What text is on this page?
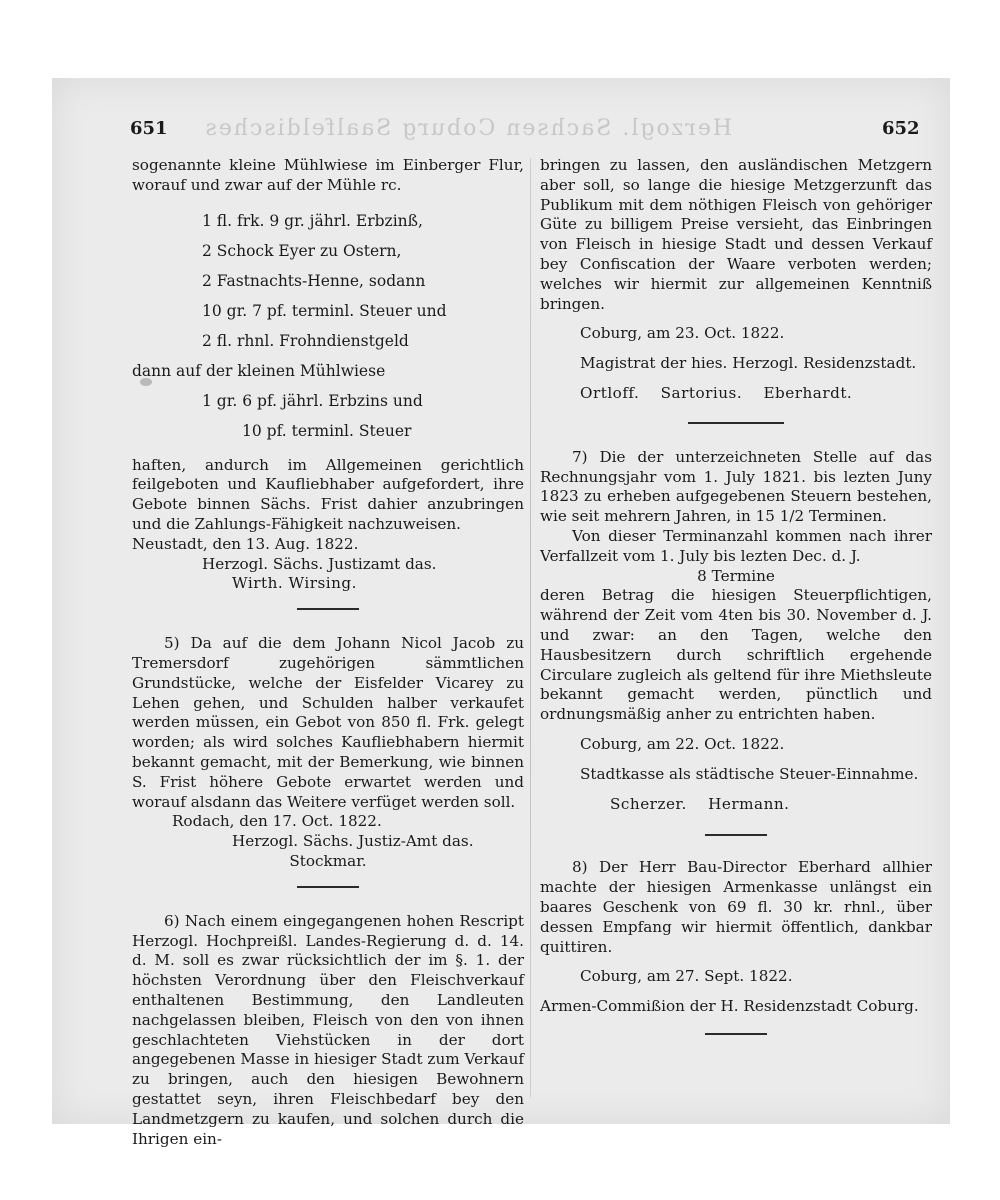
651 Herzogl. Sachsen Coburg Saalfeldisches	652

sogenannte kleine Mühlwiese im Einberger Flur, worauf und zwar auf der Mühle rc.

1 fl. frk. 9 gr. jährl. Erbzinß,
2 Schock Eyer zu Ostern,
2 Fastnachts-Henne, sodann
10 gr. 7 pf. terminl. Steuer und
2 fl. rhnl. Frohndienstgeld
dann auf der kleinen Mühlwiese
1 gr. 6 pf. jährl. Erbzins und
10 pf. terminl. Steuer

haften, andurch im Allgemeinen gerichtlich feilgeboten und Kaufliebhaber aufgefordert, ihre Gebote binnen Sächs. Frist dahier anzubringen und die Zahlungs-Fähigkeit nachzuweisen.

Neustadt, den 13. Aug. 1822.

Herzogl. Sächs. Justizamt das.

Wirth. Wirsing.

5) Da auf die dem Johann Nicol Jacob zu Tremersdorf zugehörigen sämmtlichen Grundstücke, welche der Eisfelder Vicarey zu Lehen gehen, und Schulden halber verkaufet werden müssen, ein Gebot von 850 fl. Frk. gelegt worden; als wird solches Kaufliebhabern hiermit bekannt gemacht, mit der Bemerkung, wie binnen S. Frist höhere Gebote erwartet werden und worauf alsdann das Weitere verfüget werden soll.

Rodach, den 17. Oct. 1822.

Herzogl. Sächs. Justiz-Amt das.

Stockmar.

6) Nach einem eingegangenen hohen Rescript Herzogl. Hochpreißl. Landes-Regierung d. d. 14. d. M. soll es zwar rücksichtlich der im §. 1. der höchsten Verordnung über den Fleischverkauf enthaltenen Bestimmung, den Landleuten nachgelassen bleiben, Fleisch von den von ihnen geschlachteten Viehstücken in der dort angegebenen Masse in hiesiger Stadt zum Verkauf zu bringen, auch den hiesigen Bewohnern gestattet seyn, ihren Fleischbedarf bey den Landmetzgern zu kaufen, und solchen durch die Ihrigen ein-

bringen zu lassen, den ausländischen Metzgern aber soll, so lange die hiesige Metzgerzunft das Publikum mit dem nöthigen Fleisch von gehöriger Güte zu billigem Preise versieht, das Einbringen von Fleisch in hiesige Stadt und dessen Verkauf bey Confiscation der Waare verboten werden; welches wir hiermit zur allgemeinen Kenntniß bringen.

Coburg, am 23. Oct. 1822.

Magistrat der hies. Herzogl. Residenzstadt.

Ortloff.    Sartorius.    Eberhardt.

7) Die der unterzeichneten Stelle auf das Rechnungsjahr vom 1. July 1821. bis lezten Juny 1823 zu erheben aufgegebenen Steuern bestehen, wie seit mehrern Jahren, in 15 1/2 Terminen.

Von dieser Terminanzahl kommen nach ihrer Verfallzeit vom 1. July bis lezten Dec. d. J.

8 Termine

deren Betrag die hiesigen Steuerpflichtigen, während der Zeit vom 4ten bis 30. November d. J. und zwar: an den Tagen, welche den Hausbesitzern durch schriftlich ergehende Circulare zugleich als geltend für ihre Miethsleute bekannt gemacht werden, pünctlich und ordnungsmäßig anher zu entrichten haben.

Coburg, am 22. Oct. 1822.

Stadtkasse als städtische Steuer-Einnahme.

Scherzer.    Hermann.

8) Der Herr Bau-Director Eberhard allhier machte der hiesigen Armenkasse unlängst ein baares Geschenk von 69 fl. 30 kr. rhnl., über dessen Empfang wir hiermit öffentlich, dankbar quittiren.

Coburg, am 27. Sept. 1822.

Armen-Commißion der H. Residenzstadt Coburg.
